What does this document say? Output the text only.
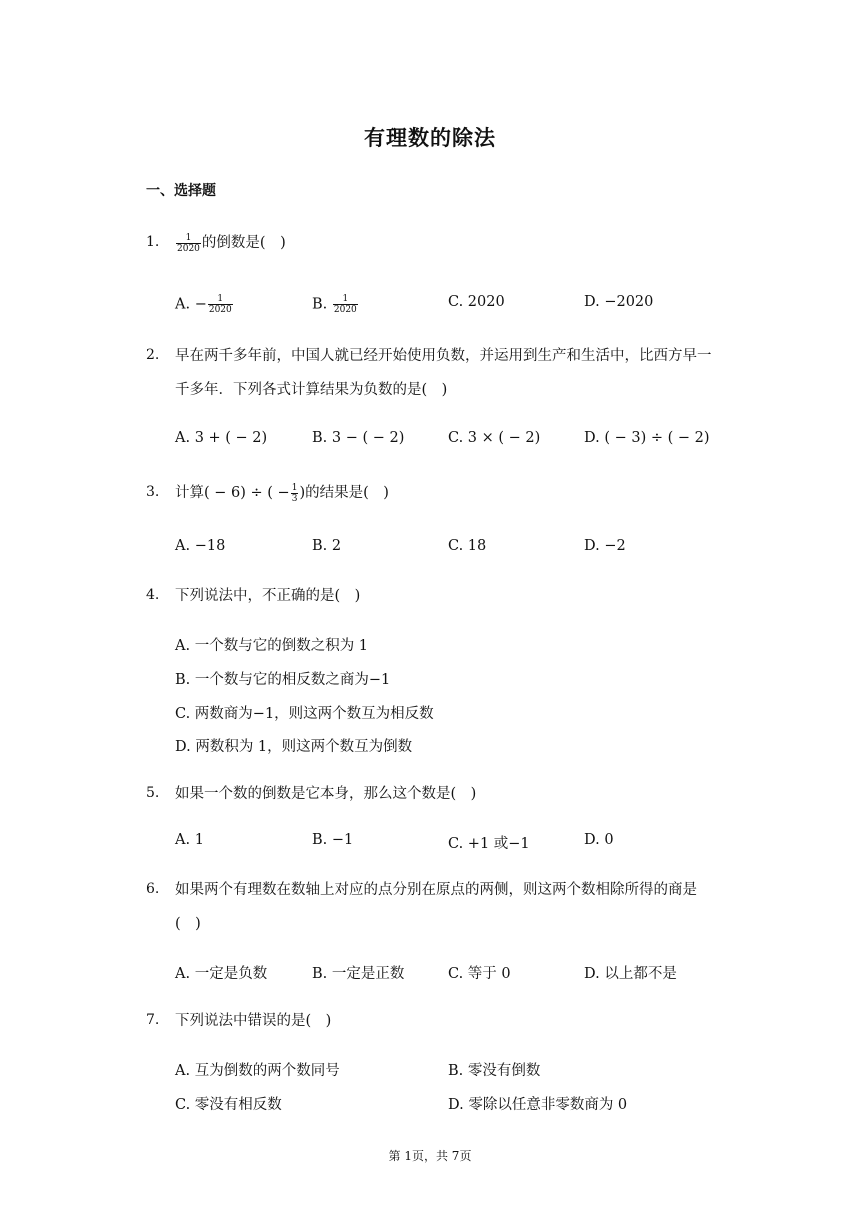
有理数的除法
一、选择题
1. $\frac{1}{2020}$ 的倒数是(　)
A. − $\frac{1}{2020}$	B. $\frac{1}{2020}$	C. 2020	D. −2020
2. 早在两千多年前，中国人就已经开始使用负数，并运用到生产和生活中，比西方早一千多年．下列各式计算结果为负数的是(　)
A. 3 + ( − 2)	B. 3 − ( − 2)	C. 3 × ( − 2)	D. ( − 3) ÷ ( − 2)
3. 计算( − 6) ÷ ( − $\frac{1}{3}$ )的结果是(　)
A. −18	B. 2	C. 18	D. −2
4. 下列说法中，不正确的是(　)
A. 一个数与它的倒数之积为 1
B. 一个数与它的相反数之商为−1
C. 两数商为−1，则这两个数互为相反数
D. 两数积为 1，则这两个数互为倒数
5. 如果一个数的倒数是它本身，那么这个数是(　)
A. 1	B. −1	C. +1 或−1	D. 0
6. 如果两个有理数在数轴上对应的点分别在原点的两侧，则这两个数相除所得的商是(　)
A. 一定是负数	B. 一定是正数	C. 等于 0	D. 以上都不是
7. 下列说法中错误的是(　)
A. 互为倒数的两个数同号	B. 零没有倒数
C. 零没有相反数	D. 零除以任意非零数商为 0
第 1页，共 7页
